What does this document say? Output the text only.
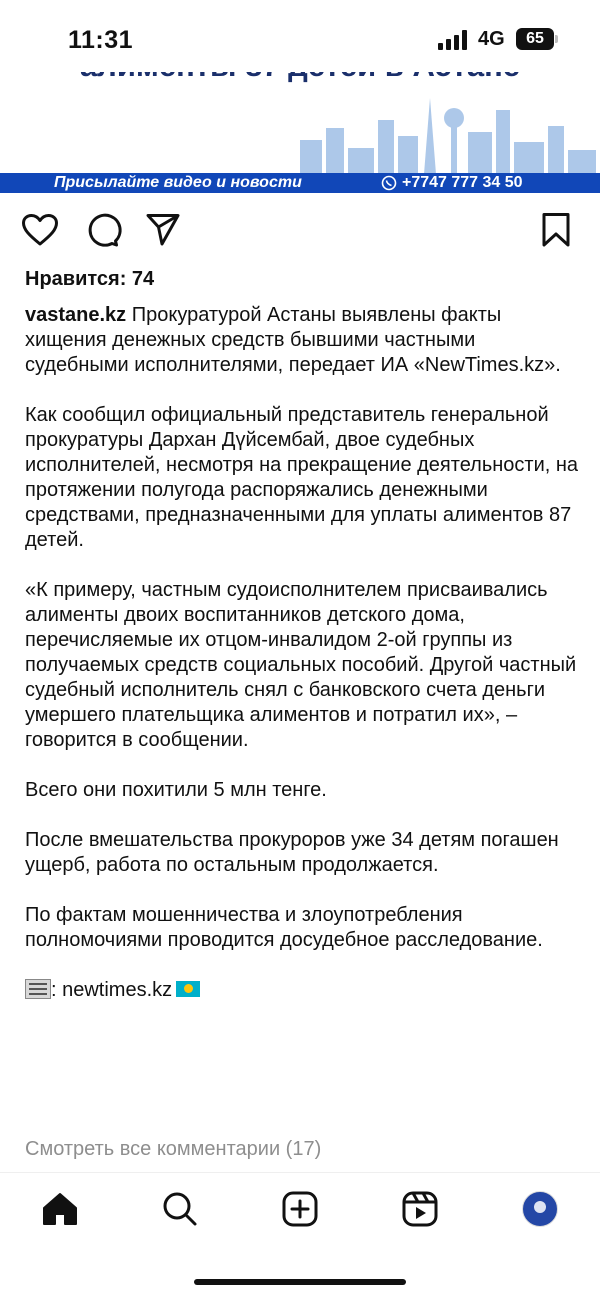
11:31	4G	65
Присылайте видео и новости	+7747 777 34 50
Нравится: 74

vastane.kz Прокуратурой Астаны выявлены факты хищения денежных средств бывшими частными судебными исполнителями, передает ИА «NewTimes.kz».

Как сообщил официальный представитель генеральной прокуратуры Дархан Дүйсембай, двое судебных исполнителей, несмотря на прекращение деятельности, на протяжении полугода распоряжались денежными средствами, предназначенными для уплаты алиментов 87 детей.

«К примеру, частным судоисполнителем присваивались алименты двоих воспитанников детского дома, перечисляемые их отцом-инвалидом 2-ой группы из получаемых средств социальных пособий. Другой частный судебный исполнитель снял с банковского счета деньги умершего плательщика алиментов и потратил их», – говорится в сообщении.

Всего они похитили 5 млн тенге.

После вмешательства прокуроров уже 34 детям погашен ущерб, работа по остальным продолжается.

По фактам мошенничества и злоупотребления полномочиями проводится досудебное расследование.

: newtimes.kz

Смотреть все комментарии (17)
